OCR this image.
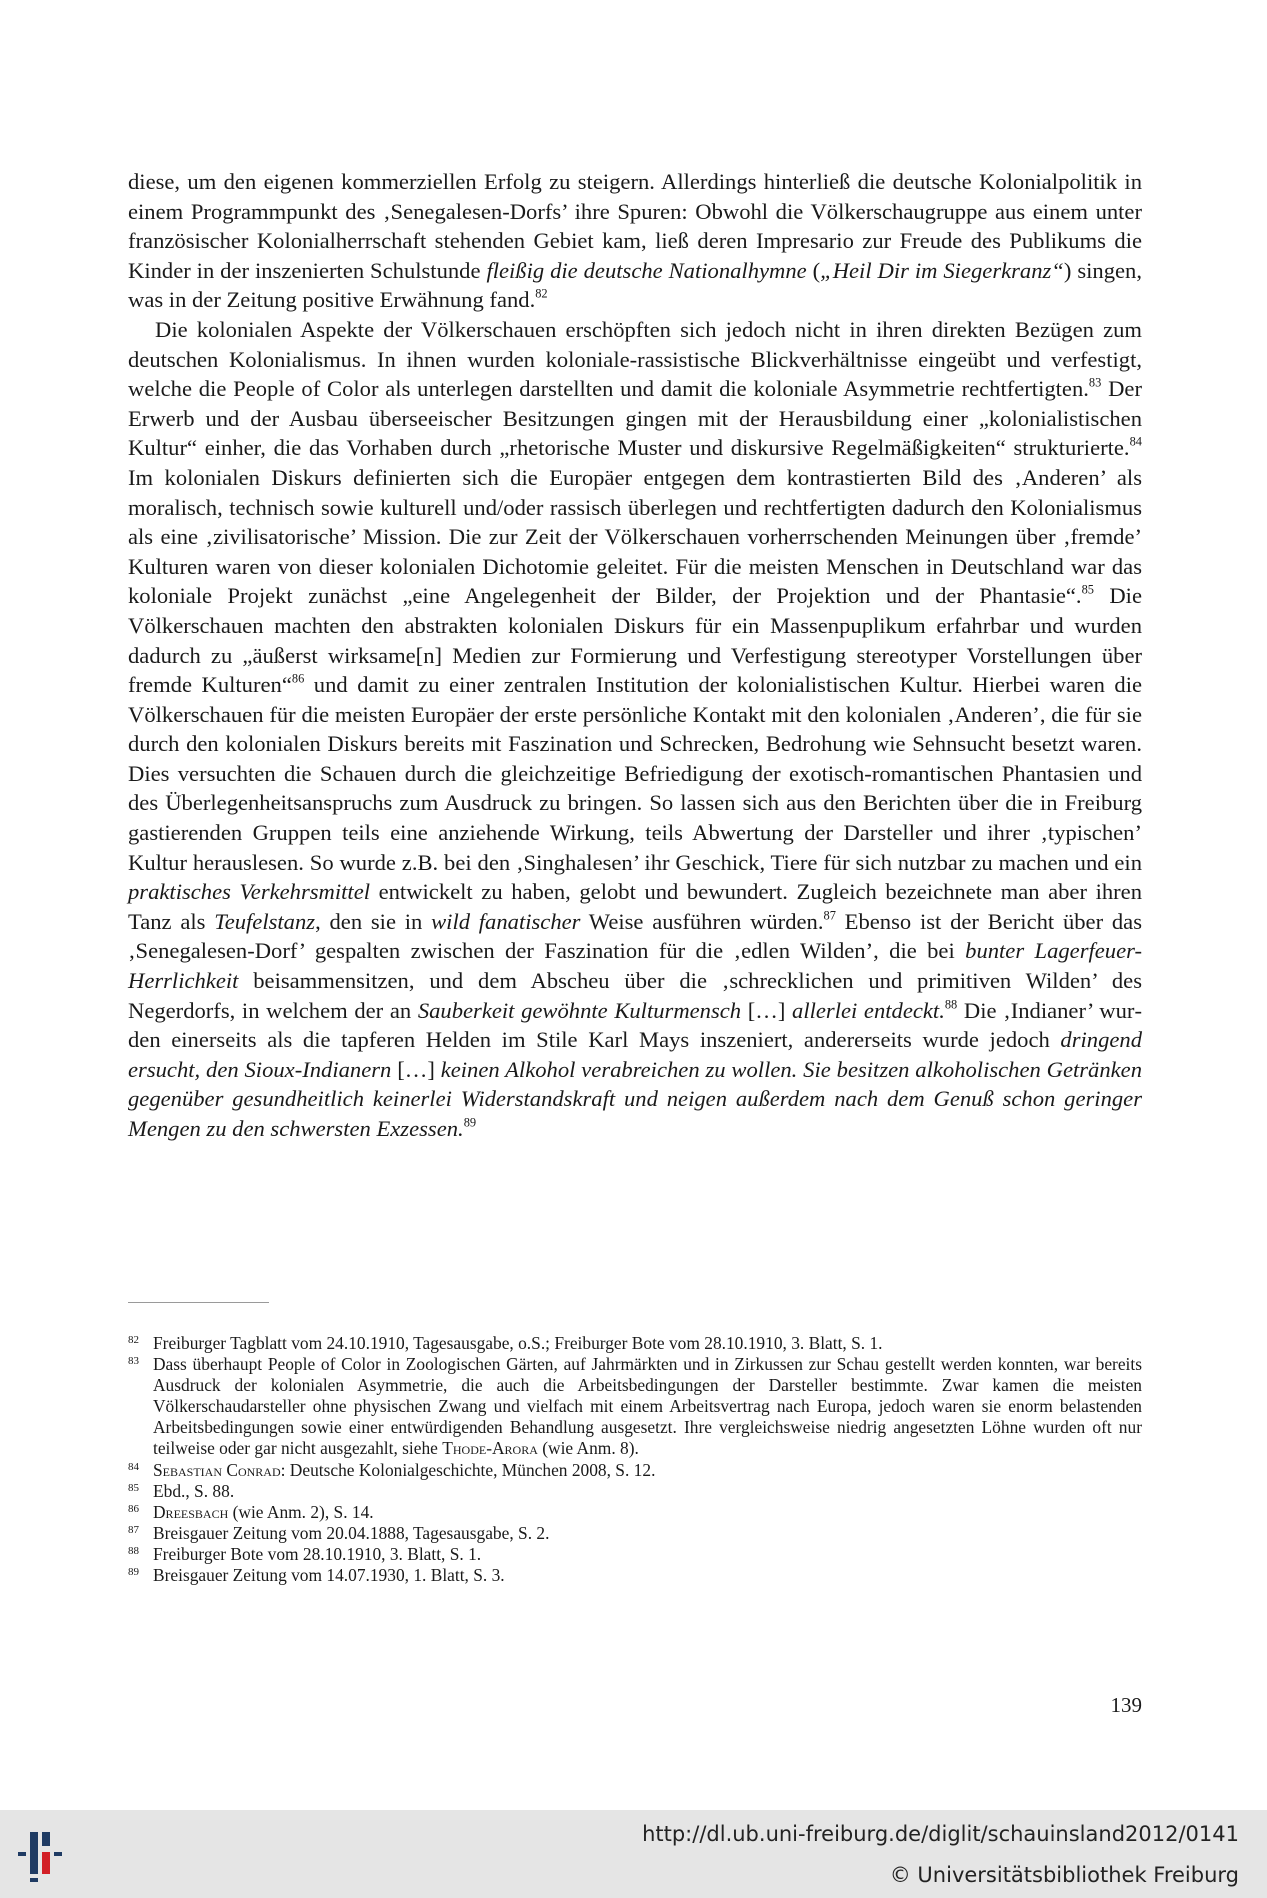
diese, um den eigenen kommerziellen Erfolg zu steigern. Allerdings hinterließ die deutsche Kolonialpolitik in einem Programmpunkt des ‚Senegalesen-Dorfs’ ihre Spuren: Obwohl die Völkerschaugruppe aus einem unter französischer Kolonialherrschaft stehenden Gebiet kam, ließ deren Impresario zur Freude des Publikums die Kinder in der inszenierten Schulstunde fleißig die deutsche Nationalhymne („Heil Dir im Siegerkranz“) singen, was in der Zeitung positive Erwähnung fand.$^{82}$

Die kolonialen Aspekte der Völkerschauen erschöpften sich jedoch nicht in ihren direkten Bezügen zum deutschen Kolonialismus. In ihnen wurden koloniale-rassistische Blickverhältnisse eingeübt und verfestigt, welche die People of Color als unterlegen darstellten und damit die koloniale Asymmetrie rechtfertigten.$^{83}$ Der Erwerb und der Ausbau überseeischer Besitzungen gingen mit der Herausbildung einer „kolonialistischen Kultur“ einher, die das Vorhaben durch „rhetorische Muster und diskursive Regelmäßigkeiten“ strukturierte.$^{84}$ Im kolonialen Diskurs definierten sich die Europäer entgegen dem kontrastierten Bild des ‚Anderen’ als moralisch, technisch sowie kulturell und/oder rassisch überlegen und rechtfertigten dadurch den Kolonialismus als eine ‚zivilisatorische’ Mission. Die zur Zeit der Völkerschauen vorherrschenden Meinungen über ‚fremde’ Kulturen waren von dieser kolonialen Dichotomie geleitet. Für die meisten Menschen in Deutschland war das koloniale Projekt zunächst „eine Angelegenheit der Bilder, der Projektion und der Phantasie“.$^{85}$ Die Völkerschauen machten den abstrakten kolonialen Diskurs für ein Massenpuplikum erfahrbar und wurden dadurch zu „äußerst wirksame[n] Medien zur Formierung und Verfestigung stereotyper Vorstellungen über fremde Kulturen“$^{86}$ und damit zu einer zentralen Institution der kolonialistischen Kultur. Hierbei waren die Völkerschauen für die meisten Europäer der erste persönliche Kontakt mit den kolonialen ‚Anderen’, die für sie durch den kolonialen Diskurs bereits mit Faszination und Schrecken, Bedrohung wie Sehnsucht besetzt waren. Dies versuchten die Schauen durch die gleichzeitige Befriedigung der exotisch-romantischen Phantasien und des Überlegenheitsanspruchs zum Ausdruck zu bringen. So lassen sich aus den Berichten über die in Freiburg gastierenden Gruppen teils eine anziehende Wirkung, teils Abwertung der Darsteller und ihrer ‚typischen’ Kultur herauslesen. So wurde z.B. bei den ‚Singhalesen’ ihr Geschick, Tiere für sich nutzbar zu machen und ein praktisches Verkehrsmittel entwickelt zu haben, gelobt und bewundert. Zugleich bezeichnete man aber ihren Tanz als Teufelstanz, den sie in wild fanatischer Weise ausführen würden.$^{87}$ Ebenso ist der Bericht über das ‚Senegalesen-Dorf’ gespalten zwischen der Faszination für die ‚edlen Wilden’, die bei bunter Lagerfeuer-Herrlichkeit beisammensitzen, und dem Abscheu über die ‚schrecklichen und primitiven Wilden’ des Negerdorfs, in welchem der an Sauberkeit gewöhnte Kulturmensch […] allerlei entdeckt.$^{88}$ Die ‚Indianer’ wurden einerseits als die tapferen Helden im Stile Karl Mays inszeniert, andererseits wurde jedoch dringend ersucht, den Sioux-Indianern […] keinen Alkohol verabreichen zu wollen. Sie besitzen alkoholischen Getränken gegenüber gesundheitlich keinerlei Widerstandskraft und neigen außerdem nach dem Genuß schon geringer Mengen zu den schwersten Exzessen.$^{89}$

82 Freiburger Tagblatt vom 24.10.1910, Tagesausgabe, o.S.; Freiburger Bote vom 28.10.1910, 3. Blatt, S. 1.
83 Dass überhaupt People of Color in Zoologischen Gärten, auf Jahrmärkten und in Zirkussen zur Schau gestellt werden konnten, war bereits Ausdruck der kolonialen Asymmetrie, die auch die Arbeitsbedingungen der Darsteller bestimmte. Zwar kamen die meisten Völkerschaudarsteller ohne physischen Zwang und vielfach mit einem Arbeitsvertrag nach Europa, jedoch waren sie enorm belastenden Arbeitsbedingungen sowie einer entwürdigenden Behandlung ausgesetzt. Ihre vergleichsweise niedrig angesetzten Löhne wurden oft nur teilweise oder gar nicht ausgezahlt, siehe Thode-Arora (wie Anm. 8).
84 Sebastian Conrad: Deutsche Kolonialgeschichte, München 2008, S. 12.
85 Ebd., S. 88.
86 Dreesbach (wie Anm. 2), S. 14.
87 Breisgauer Zeitung vom 20.04.1888, Tagesausgabe, S. 2.
88 Freiburger Bote vom 28.10.1910, 3. Blatt, S. 1.
89 Breisgauer Zeitung vom 14.07.1930, 1. Blatt, S. 3.
139
http://dl.ub.uni-freiburg.de/diglit/schauinsland2012/0141
© Universitätsbibliothek Freiburg
